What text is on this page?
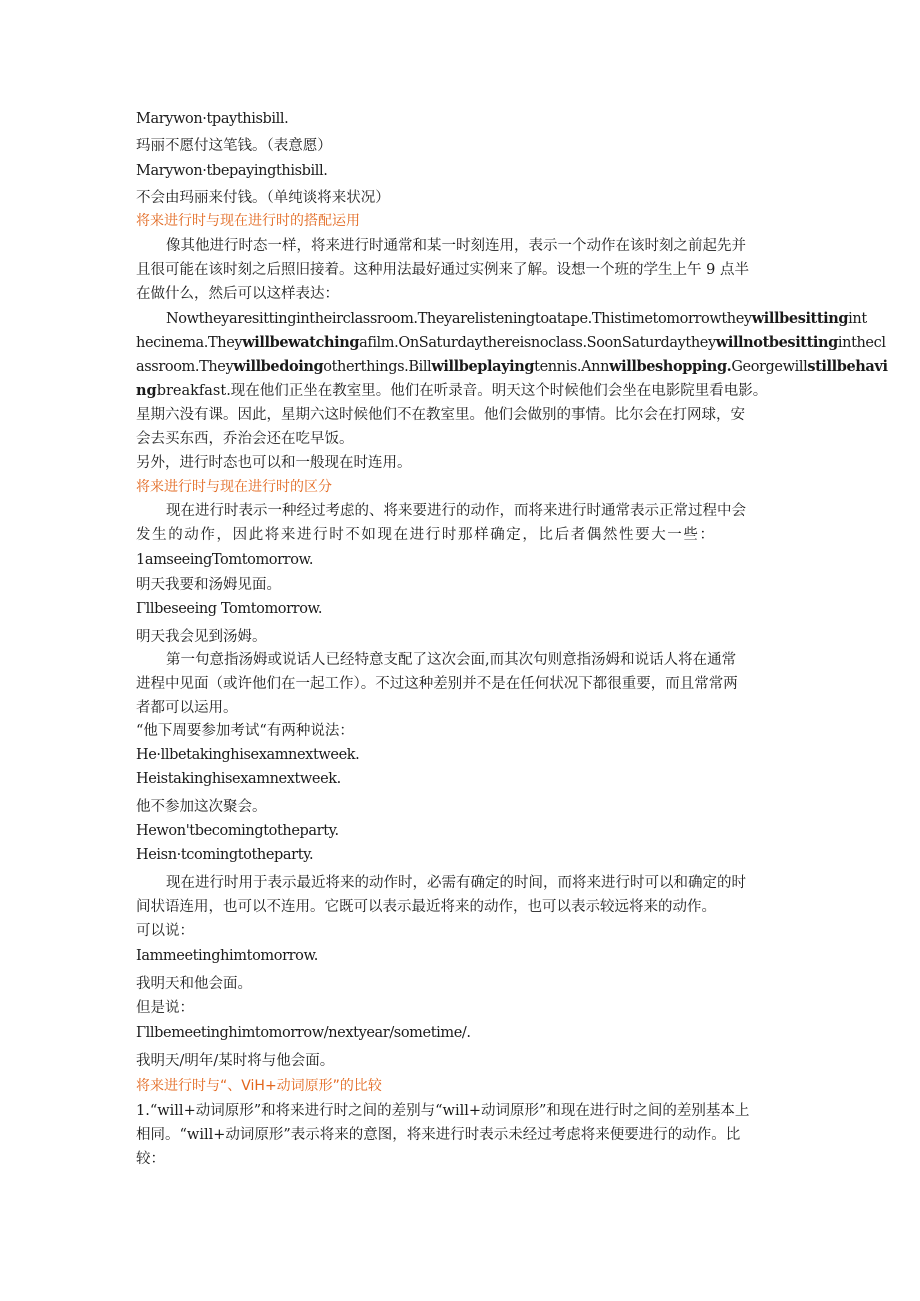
Marywon·tpaythisbill.
玛丽不愿付这笔钱。（表意愿）
Marywon·tbepayingthisbill.
不会由玛丽来付钱。（单纯谈将来状况）
将来进行时与现在进行时的搭配运用
像其他进行时态一样，将来进行时通常和某一时刻连用，表示一个动作在该时刻之前起先并
且很可能在该时刻之后照旧接着。这种用法最好通过实例来了解。设想一个班的学生上午 9 点半
在做什么，然后可以这样表达：
Nowtheyaresittingintheirclassroom.Theyarelisteningtoatape.Thistimetomorrowtheywillbesittingint
hecinema.Theywillbewatchingafilm.OnSaturdaythereisnoclass.SoonSaturdaytheywillnotbesittinginthecl
assroom.Theywillbedoingotherthings.Billwillbeplayingtennis.Annwillbeshopping.Georgewillstillbehavi
ngbreakfast.现在他们正坐在教室里。他们在听录音。明天这个时候他们会坐在电影院里看电影。
星期六没有课。因此，星期六这时候他们不在教室里。他们会做别的事情。比尔会在打网球，安
会去买东西，乔治会还在吃早饭。
另外，进行时态也可以和一般现在时连用。
将来进行时与现在进行时的区分
现在进行时表示一种经过考虑的、将来要进行的动作，而将来进行时通常表示正常过程中会
发生的动作，因此将来进行时不如现在进行时那样确定，比后者偶然性要大一些：
1amseeingTomtomorrow.
明天我要和汤姆见面。
Γllbeseeing Tomtomorrow.
明天我会见到汤姆。
第一句意指汤姆或说话人已经特意支配了这次会面,而其次句则意指汤姆和说话人将在通常
进程中见面（或许他们在一起工作）。不过这种差别并不是在任何状况下都很重要，而且常常两
者都可以运用。
“他下周要参加考试“有两种说法：
He·llbetakinghisexamnextweek.
Heistakinghisexamnextweek.
他不参加这次聚会。
Hewon'tbecomingtotheparty.
Heisn·tcomingtotheparty.
现在进行时用于表示最近将来的动作时，必需有确定的时间，而将来进行时可以和确定的时
间状语连用，也可以不连用。它既可以表示最近将来的动作，也可以表示较远将来的动作。
可以说：
Iammeetinghimtomorrow.
我明天和他会面。
但是说：
Γllbemeetinghimtomorrow/nextyear/sometime/.
我明天/明年/某时将与他会面。
将来进行时与“、ViH+动词原形”的比较
1.“will+动词原形”和将来进行时之间的差别与“will+动词原形”和现在进行时之间的差别基本上
相同。“will+动词原形”表示将来的意图，将来进行时表示未经过考虑将来便要进行的动作。比
较：
